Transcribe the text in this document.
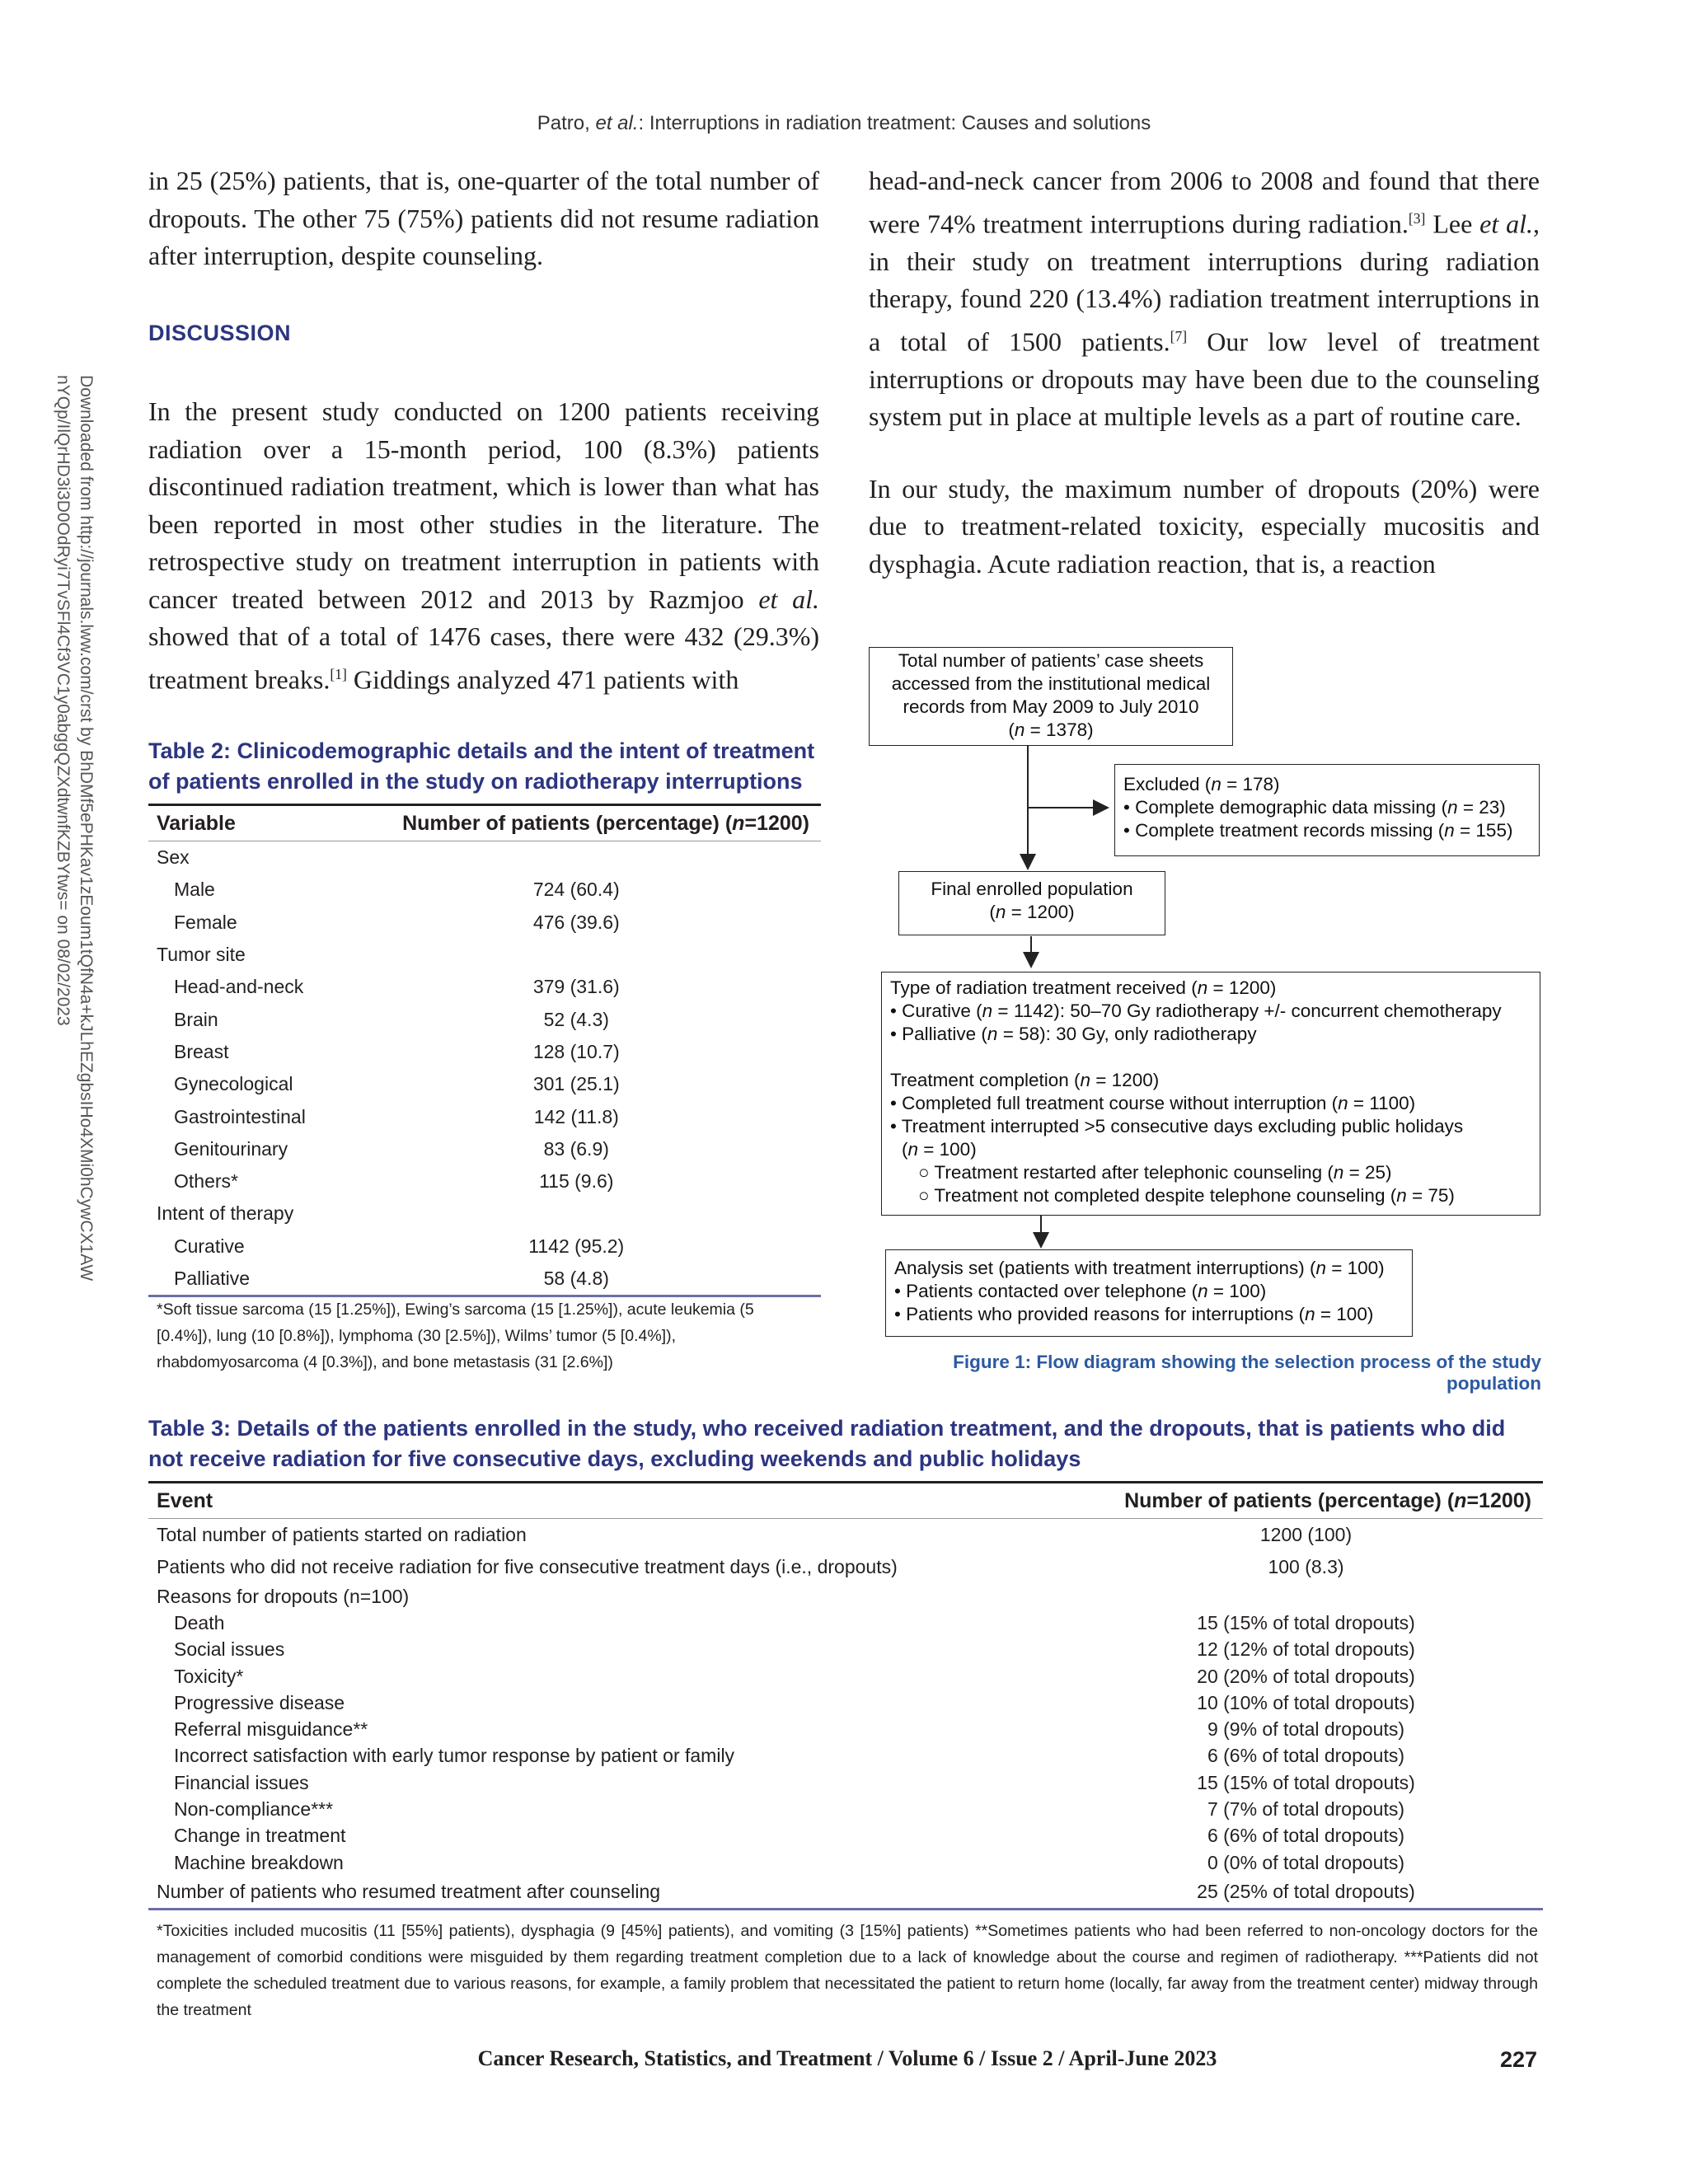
Patro, et al.: Interruptions in radiation treatment: Causes and solutions
Downloaded from http://journals.lww.com/crst by BhDMf5ePHKav1zEoum1tQfN4a+kJLhEZgbsIHo4XMi0hCywCX1AW
nYQp/IlQrHD3i3D0OdRyi7TvSFl4Cf3VC1y0abggQZXdtwnfKZBYtws= on 08/02/2023

in 25 (25%) patients, that is, one-quarter of the total number of dropouts. The other 75 (75%) patients did not resume radiation after interruption, despite counseling.

DISCUSSION

In the present study conducted on 1200 patients receiving radiation over a 15-month period, 100 (8.3%) patients discontinued radiation treatment, which is lower than what has been reported in most other studies in the literature. The retrospective study on treatment interruption in patients with cancer treated between 2012 and 2013 by Razmjoo et al. showed that of a total of 1476 cases, there were 432 (29.3%) treatment breaks.[1] Giddings analyzed 471 patients with

Table 2: Clinicodemographic details and the intent of treatment of patients enrolled in the study on radiotherapy interruptions
Variable	Number of patients (percentage) (n=1200)
Sex	
Male	724 (60.4)
Female	476 (39.6)
Tumor site	
Head-and-neck	379 (31.6)
Brain	52 (4.3)
Breast	128 (10.7)
Gynecological	301 (25.1)
Gastrointestinal	142 (11.8)
Genitourinary	83 (6.9)
Others*	115 (9.6)
Intent of therapy	
Curative	1142 (95.2)
Palliative	58 (4.8)
*Soft tissue sarcoma (15 [1.25%]), Ewing’s sarcoma (15 [1.25%]), acute leukemia (5 [0.4%]), lung (10 [0.8%]), lymphoma (30 [2.5%]), Wilms’ tumor (5 [0.4%]), rhabdomyosarcoma (4 [0.3%]), and bone metastasis (31 [2.6%])

head-and-neck cancer from 2006 to 2008 and found that there were 74% treatment interruptions during radiation.[3] Lee et al., in their study on treatment interruptions during radiation therapy, found 220 (13.4%) radiation treatment interruptions in a total of 1500 patients.[7] Our low level of treatment interruptions or dropouts may have been due to the counseling system put in place at multiple levels as a part of routine care.

In our study, the maximum number of dropouts (20%) were due to treatment-related toxicity, especially mucositis and dysphagia. Acute radiation reaction, that is, a reaction

Total number of patients’ case sheets
accessed from the institutional medical
records from May 2009 to July 2010
(n = 1378)
Excluded (n = 178)
• Complete demographic data missing (n = 23)
• Complete treatment records missing (n = 155)
Final enrolled population
(n = 1200)
Type of radiation treatment received (n = 1200)
• Curative (n = 1142): 50–70 Gy radiotherapy +/- concurrent chemotherapy
• Palliative (n = 58): 30 Gy, only radiotherapy

Treatment completion (n = 1200)
• Completed full treatment course without interruption (n = 1100)
• Treatment interrupted >5 consecutive days excluding public holidays
(n = 100)
○ Treatment restarted after telephonic counseling (n = 25)
○ Treatment not completed despite telephone counseling (n = 75)
Analysis set (patients with treatment interruptions) (n = 100)
• Patients contacted over telephone (n = 100)
• Patients who provided reasons for interruptions (n = 100)
Figure 1: Flow diagram showing the selection process of the study population
Table 3: Details of the patients enrolled in the study, who received radiation treatment, and the dropouts, that is patients who did not receive radiation for five consecutive days, excluding weekends and public holidays
Event	Number of patients (percentage) (n=1200)
Total number of patients started on radiation	1200 (100)
Patients who did not receive radiation for five consecutive treatment days (i.e., dropouts)	100 (8.3)
Reasons for dropouts (n=100)	
Death	15 (15% of total dropouts)
Social issues	12 (12% of total dropouts)
Toxicity*	20 (20% of total dropouts)
Progressive disease	10 (10% of total dropouts)
Referral misguidance**	9 (9% of total dropouts)
Incorrect satisfaction with early tumor response by patient or family	6 (6% of total dropouts)
Financial issues	15 (15% of total dropouts)
Non-compliance***	7 (7% of total dropouts)
Change in treatment	6 (6% of total dropouts)
Machine breakdown	0 (0% of total dropouts)
Number of patients who resumed treatment after counseling	25 (25% of total dropouts)
*Toxicities included mucositis (11 [55%] patients), dysphagia (9 [45%] patients), and vomiting (3 [15%] patients) **Sometimes patients who had been referred to non-oncology doctors for the management of comorbid conditions were misguided by them regarding treatment completion due to a lack of knowledge about the course and regimen of radiotherapy. ***Patients did not complete the scheduled treatment due to various reasons, for example, a family problem that necessitated the patient to return home (locally, far away from the treatment center) midway through the treatment
Cancer Research, Statistics, and Treatment / Volume 6 / Issue 2 / April-June 2023	227
